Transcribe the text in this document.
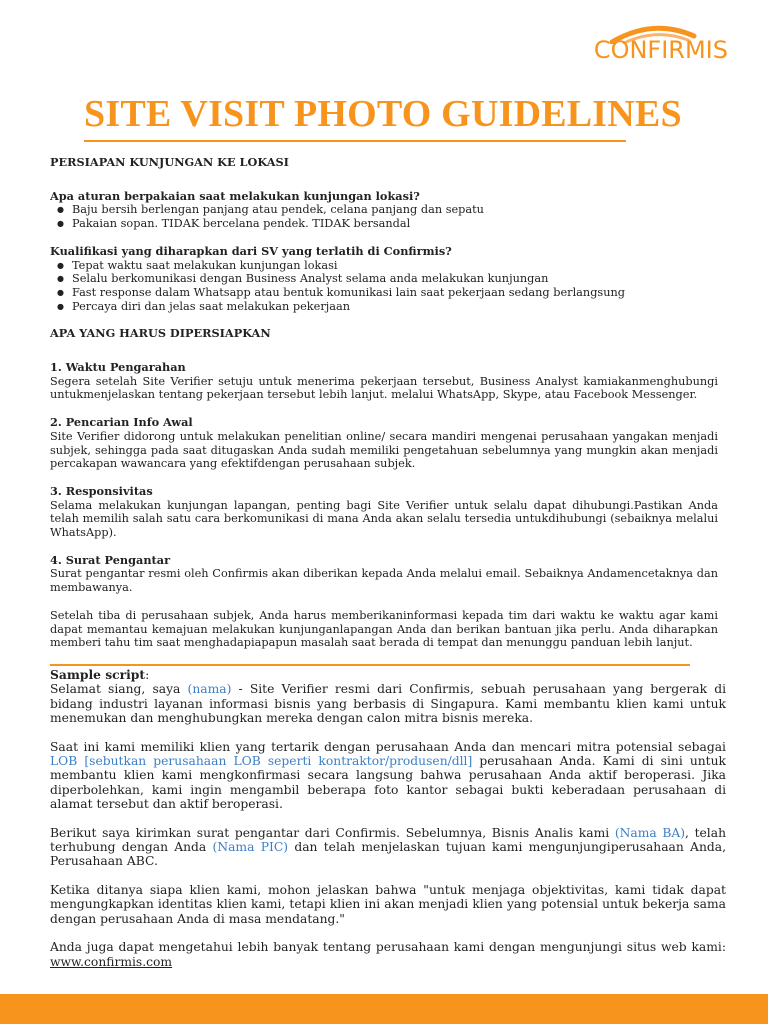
CONFIRMIS
SITE VISIT PHOTO GUIDELINES

PERSIAPAN KUNJUNGAN KE LOKASI

Apa aturan berpakaian saat melakukan kunjungan lokasi?

● Baju bersih berlengan panjang atau pendek, celana panjang dan sepatu
● Pakaian sopan. TIDAK bercelana pendek. TIDAK bersandal

Kualifikasi yang diharapkan dari SV yang terlatih di Confirmis?

● Tepat waktu saat melakukan kunjungan lokasi
● Selalu berkomunikasi dengan Business Analyst selama anda melakukan kunjungan
● Fast response dalam Whatsapp atau bentuk komunikasi lain saat pekerjaan sedang berlangsung
● Percaya diri dan jelas saat melakukan pekerjaan

APA YANG HARUS DIPERSIAPKAN

1. Waktu Pengarahan

Segera setelah Site Verifier setuju untuk menerima pekerjaan tersebut, Business Analyst kamiakanmenghubungi untukmenjelaskan tentang pekerjaan tersebut lebih lanjut. melalui WhatsApp, Skype, atau Facebook Messenger.

2. Pencarian Info Awal

Site Verifier didorong untuk melakukan penelitian online/ secara mandiri mengenai perusahaan yangakan menjadi subjek, sehingga pada saat ditugaskan Anda sudah memiliki pengetahuan sebelumnya yang mungkin akan menjadi percakapan wawancara yang efektifdengan perusahaan subjek.

3. Responsivitas

Selama melakukan kunjungan lapangan, penting bagi Site Verifier untuk selalu dapat dihubungi.Pastikan Anda telah memilih salah satu cara berkomunikasi di mana Anda akan selalu tersedia untukdihubungi (sebaiknya melalui WhatsApp).

4. Surat Pengantar

Surat pengantar resmi oleh Confirmis akan diberikan kepada Anda melalui email. Sebaiknya Andamencetaknya dan membawanya.

Setelah tiba di perusahaan subjek, Anda harus memberikaninformasi kepada tim dari waktu ke waktu agar kami dapat memantau kemajuan melakukan kunjunganlapangan Anda dan berikan bantuan jika perlu. Anda diharapkan memberi tahu tim saat menghadapiapapun masalah saat berada di tempat dan menunggu panduan lebih lanjut.

Sample script:

Selamat siang, saya (nama) - Site Verifier resmi dari Confirmis, sebuah perusahaan yang bergerak di bidang industri layanan informasi bisnis yang berbasis di Singapura. Kami membantu klien kami untuk menemukan dan menghubungkan mereka dengan calon mitra bisnis mereka.

Saat ini kami memiliki klien yang tertarik dengan perusahaan Anda dan mencari mitra potensial sebagai LOB [sebutkan perusahaan LOB seperti kontraktor/produsen/dll] perusahaan Anda. Kami di sini untuk membantu klien kami mengkonfirmasi secara langsung bahwa perusahaan Anda aktif beroperasi. Jika diperbolehkan, kami ingin mengambil beberapa foto kantor sebagai bukti keberadaan perusahaan di alamat tersebut dan aktif beroperasi.

Berikut saya kirimkan surat pengantar dari Confirmis. Sebelumnya, Bisnis Analis kami (Nama BA), telah terhubung dengan Anda (Nama PIC) dan telah menjelaskan tujuan kami mengunjungiperusahaan Anda, Perusahaan ABC.

Ketika ditanya siapa klien kami, mohon jelaskan bahwa "untuk menjaga objektivitas, kami tidak dapat mengungkapkan identitas klien kami, tetapi klien ini akan menjadi klien yang potensial untuk bekerja sama dengan perusahaan Anda di masa mendatang."

Anda juga dapat mengetahui lebih banyak tentang perusahaan kami dengan mengunjungi situs web kami: www.confirmis.com
